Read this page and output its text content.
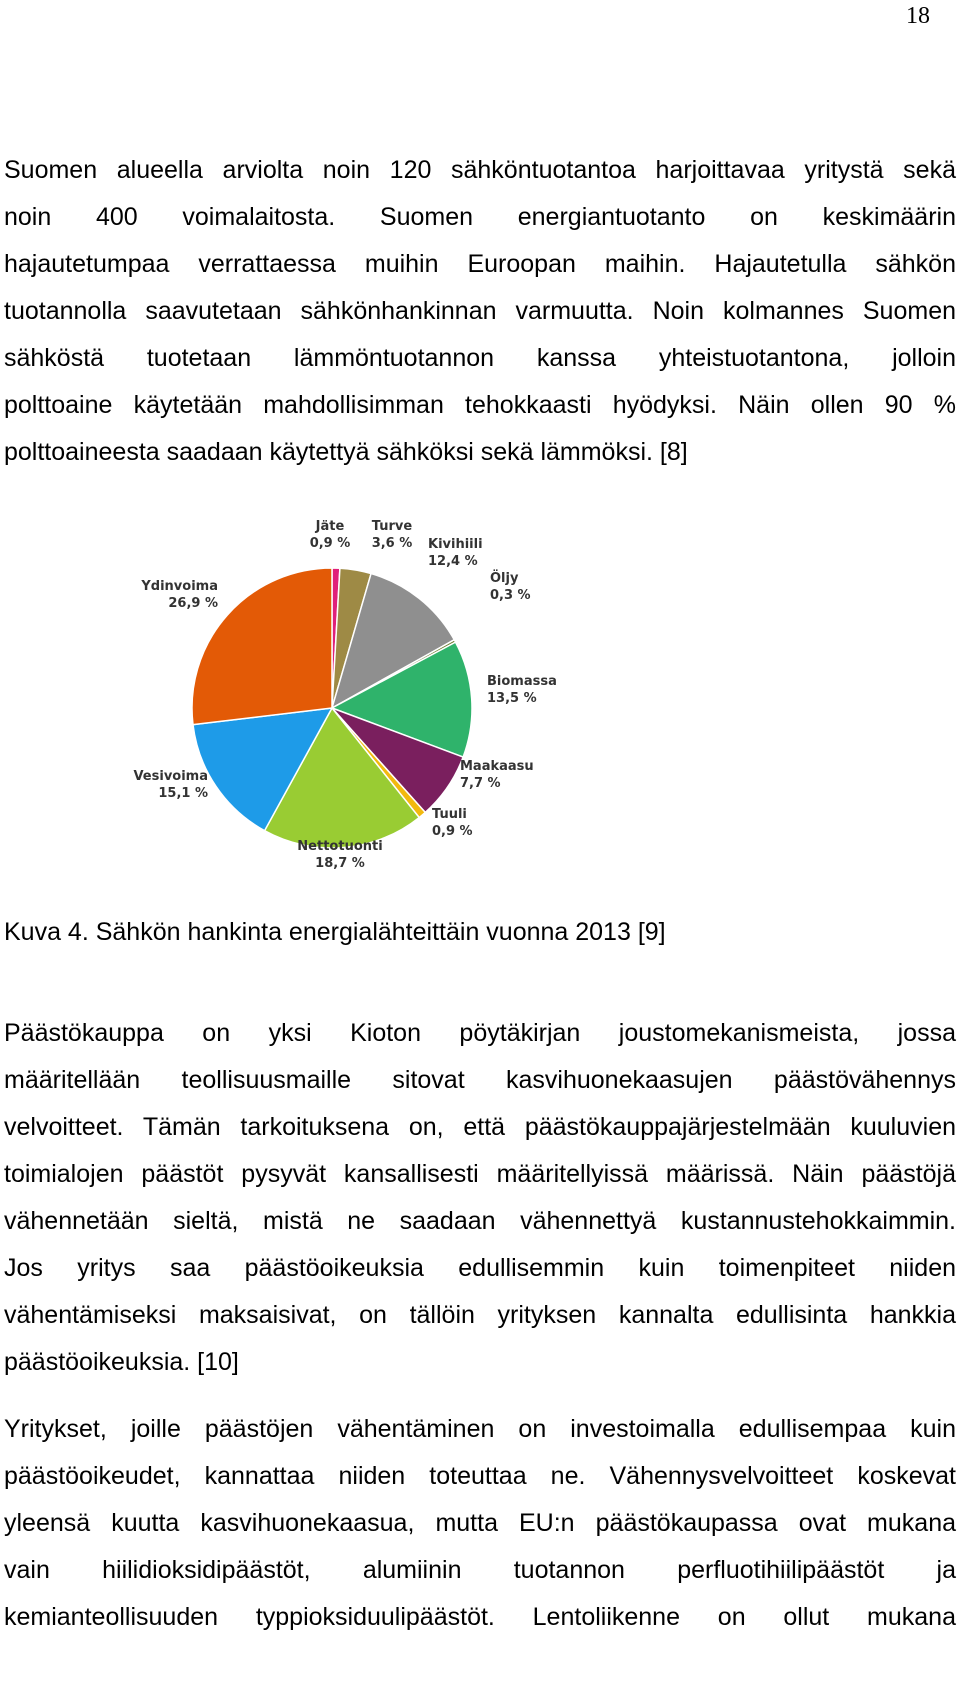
18

Suomen alueella arviolta noin 120 sähköntuotantoa harjoittavaa yritystä sekä
noin 400 voimalaitosta. Suomen energiantuotanto on keskimäärin
hajautetumpaa verrattaessa muihin Euroopan maihin. Hajautetulla sähkön
tuotannolla saavutetaan sähkönhankinnan varmuutta. Noin kolmannes Suomen
sähköstä tuotetaan lämmöntuotannon kanssa yhteistuotantona, jolloin
polttoaine käytetään mahdollisimman tehokkaasti hyödyksi. Näin ollen 90 %
polttoaineesta saadaan käytettyä sähköksi sekä lämmöksi. [8]

Jäte
0,9 %
Turve
3,6 % Kivihiili
12,4 %
Öljy
0,3 %
Biomassa
13,5 %
Maakaasu
7,7 %
Tuuli
0,9 %
Nettotuonti
18,7 %
Vesivoima
15,1 %
Ydinvoima
26,9 %
Kuva 4. Sähkön hankinta energialähteittäin vuonna 2013 [9]

Päästökauppa on yksi Kioton pöytäkirjan joustomekanismeista, jossa
määritellään teollisuusmaille sitovat kasvihuonekaasujen päästövähennys
velvoitteet. Tämän tarkoituksena on, että päästökauppajärjestelmään kuuluvien
toimialojen päästöt pysyvät kansallisesti määritellyissä määrissä. Näin päästöjä
vähennetään sieltä, mistä ne saadaan vähennettyä kustannustehokkaimmin.
Jos yritys saa päästöoikeuksia edullisemmin kuin toimenpiteet niiden
vähentämiseksi maksaisivat, on tällöin yrityksen kannalta edullisinta hankkia
päästöoikeuksia. [10]

Yritykset, joille päästöjen vähentäminen on investoimalla edullisempaa kuin
päästöoikeudet, kannattaa niiden toteuttaa ne. Vähennysvelvoitteet koskevat
yleensä kuutta kasvihuonekaasua, mutta EU:n päästökaupassa ovat mukana
vain hiilidioksidipäästöt, alumiinin tuotannon perfluotihiilipäästöt ja
kemianteollisuuden typpioksiduulipäästöt. Lentoliikenne on ollut mukana
